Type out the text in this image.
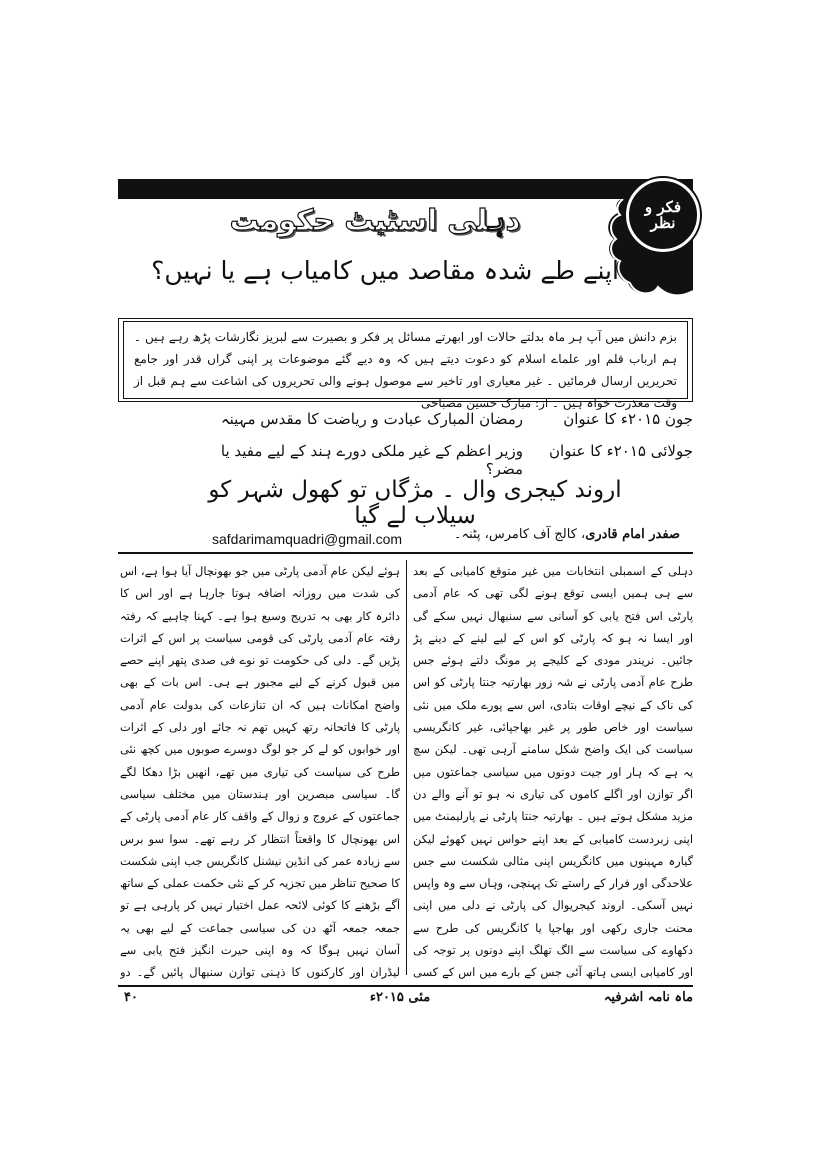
فکر و نظر
دہلی اسٹیٹ حکومت
اپنے طے شدہ مقاصد میں کامیاب ہے یا نہیں؟
بزم دانش میں آپ ہر ماہ بدلتے حالات اور ابھرتے مسائل پر فکر و بصیرت سے لبریز نگارشات پڑھ رہے ہیں ۔ ہم ارباب قلم اور علماے اسلام کو دعوت دیتے ہیں کہ وہ دیے گئے موضوعات پر اپنی گراں قدر اور جامع تحریریں ارسال فرمائیں ۔ غیر معیاری اور تاخیر سے موصول ہونے والی تحریروں کی اشاعت سے ہم قبل از وقت معذرت خواہ ہیں ۔ از: مبارک حسین مصباحی
جون ۲۰۱۵ء کا عنوان
رمضان المبارک عبادت و ریاضت کا مقدس مہینہ
جولائی ۲۰۱۵ء کا عنوان
وزیر اعظم کے غیر ملکی دورے ہند کے لیے مفید یا مضر؟
اروند کیجری وال ۔ مژگاں تو کھول شہر کو سیلاب لے گیا
safdarimamquadri@gmail.com	صفدر امام قادری، کالج آف کامرس، پٹنہ۔
دہلی کے اسمبلی انتخابات میں غیر متوقع کامیابی کے بعد سے ہی ہمیں ایسی توقع ہونے لگی تھی کہ عام آدمی پارٹی اس فتح یابی کو آسانی سے سنبھال نہیں سکے گی اور ایسا نہ ہو کہ پارٹی کو اس کے لیے لینے کے دینے پڑ جائیں۔ نریندر مودی کے کلیجے پر مونگ دلتے ہوئے جس طرح عام آدمی پارٹی نے شہ زور بھارتیہ جنتا پارٹی کو اس کی ناک کے نیچے اوقات بتادی، اس سے پورے ملک میں نئی سیاست اور خاص طور پر غیر بھاجپائی، غیر کانگریسی سیاست کی ایک واضح شکل سامنے آرہی تھی۔ لیکن سچ یہ ہے کہ ہار اور جیت دونوں میں سیاسی جماعتوں میں اگر توازن اور اگلے کاموں کی تیاری نہ ہو تو آنے والے دن مزید مشکل ہوتے ہیں ۔ بھارتیہ جنتا پارٹی نے پارلیمنٹ میں اپنی زبردست کامیابی کے بعد اپنے حواس نہیں کھوئے لیکن گیارہ مہینوں میں کانگریس اپنی مثالی شکست سے جس علاحدگی اور فرار کے راستے تک پہنچی، وہاں سے وہ واپس نہیں آسکی۔ اروند کیجریوال کی پارٹی نے دلی میں اپنی محنت جاری رکھی اور بھاجپا یا کانگریس کی طرح سے دکھاوے کی سیاست سے الگ تھلگ اپنے دونوں پر توجہ کی اور کامیابی ایسی ہاتھ آئی جس کے بارے میں اس کے کسی
ہوئے لیکن عام آدمی پارٹی میں جو بھونچال آیا ہوا ہے، اس کی شدت میں روزانہ اضافہ ہوتا جارہا ہے اور اس کا دائرہ کار بھی بہ تدریج وسیع ہوا ہے۔ کہنا چاہیے کہ رفتہ رفتہ عام آدمی پارٹی کی قومی سیاست پر اس کے اثرات پڑیں گے۔ دلی کی حکومت تو نوے فی صدی پتھر اپنے حصے میں قبول کرنے کے لیے مجبور ہے ہی۔ اس بات کے بھی واضح امکانات ہیں کہ ان تنازعات کی بدولت عام آدمی پارٹی کا فاتحانہ رتھ کہیں تھم نہ جائے اور دلی کے اثرات اور خوابوں کو لے کر جو لوگ دوسرے صوبوں میں کچھ نئی طرح کی سیاست کی تیاری میں تھے، انھیں بڑا دھکا لگے گا۔ سیاسی مبصرین اور ہندستان میں مختلف سیاسی جماعتوں کے عروج و زوال کے واقف کار عام آدمی پارٹی کے اس بھونچال کا واقعتاً انتظار کر رہے تھے۔ سوا سو برس سے زیادہ عمر کی انڈین نیشنل کانگریس جب اپنی شکست کا صحیح تناظر میں تجزیہ کر کے نئی حکمت عملی کے ساتھ آگے بڑھنے کا کوئی لائحہ عمل اختیار نہیں کر پارہی ہے تو جمعہ جمعہ آٹھ دن کی سیاسی جماعت کے لیے بھی یہ آسان نہیں ہوگا کہ وہ اپنی حیرت انگیز فتح یابی سے لیڈران اور کارکنوں کا ذہنی توازن سنبھال پائیں گے۔ دو
ماہ نامہ اشرفیہ
مئی ۲۰۱۵ء
۴۰
